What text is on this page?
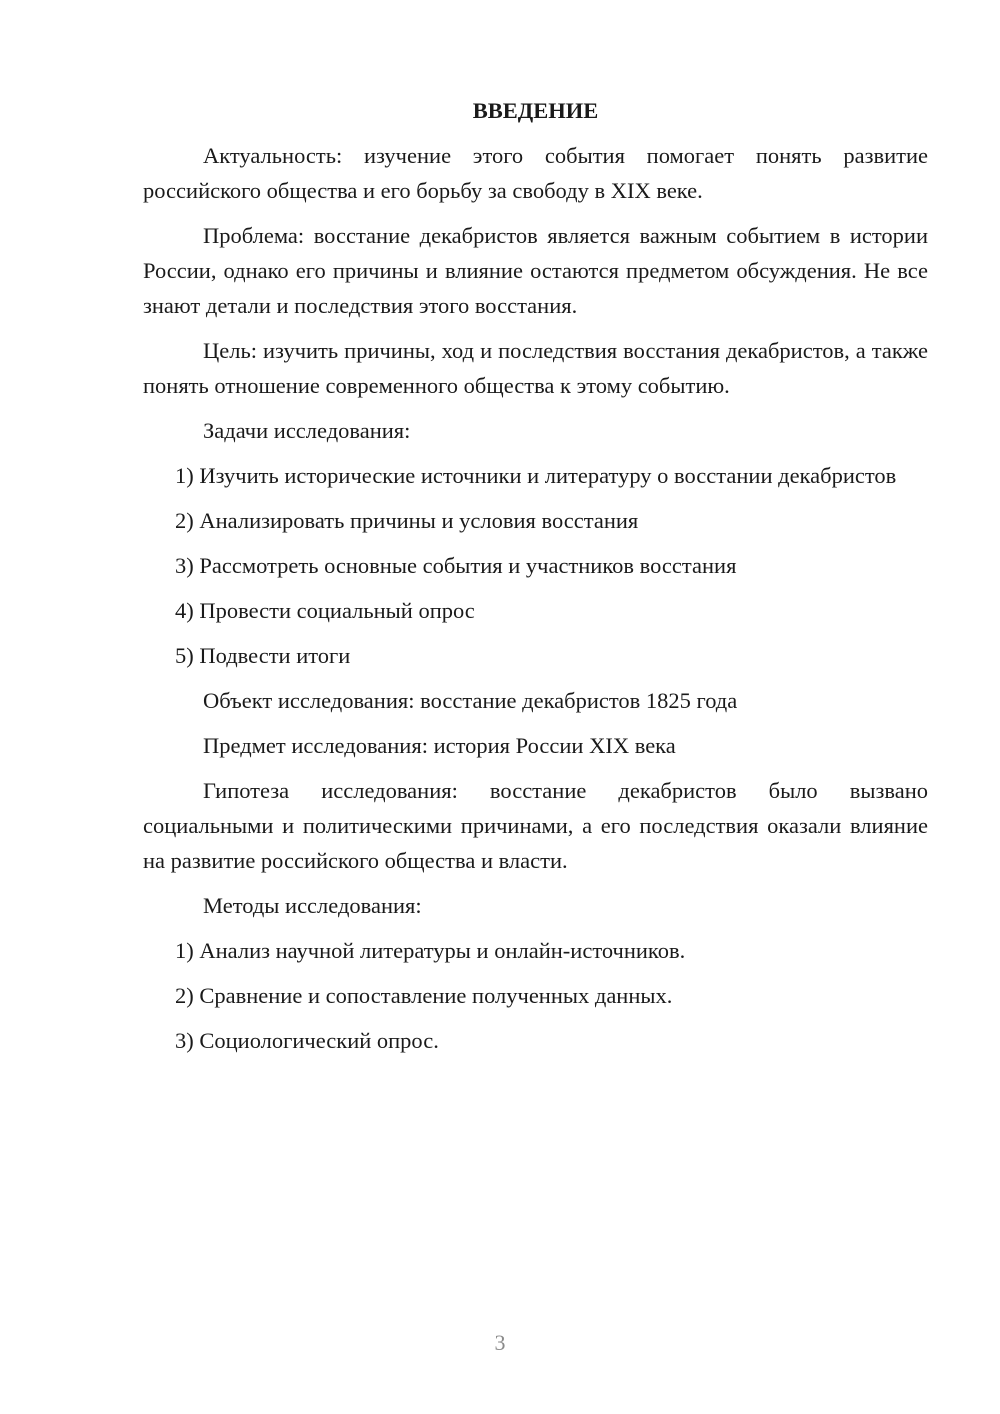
ВВЕДЕНИЕ
Актуальность: изучение этого события помогает понять развитие российского общества и его борьбу за свободу в XIX веке.
Проблема: восстание декабристов является важным событием в истории России, однако его причины и влияние остаются предметом обсуждения. Не все знают детали и последствия этого восстания.
Цель: изучить причины, ход и последствия восстания декабристов, а также понять отношение современного общества к этому событию.
Задачи исследования:
1) Изучить исторические источники и литературу о восстании декабристов
2) Анализировать причины и условия восстания
3) Рассмотреть основные события и участников восстания
4) Провести социальный опрос
5) Подвести итоги
Объект исследования: восстание декабристов 1825 года
Предмет исследования: история России XIX века
Гипотеза исследования: восстание декабристов было вызвано социальными и политическими причинами, а его последствия оказали влияние на развитие российского общества и власти.
Методы исследования:
1) Анализ научной литературы и онлайн-источников.
2) Сравнение и сопоставление полученных данных.
3) Социологический опрос.
3
